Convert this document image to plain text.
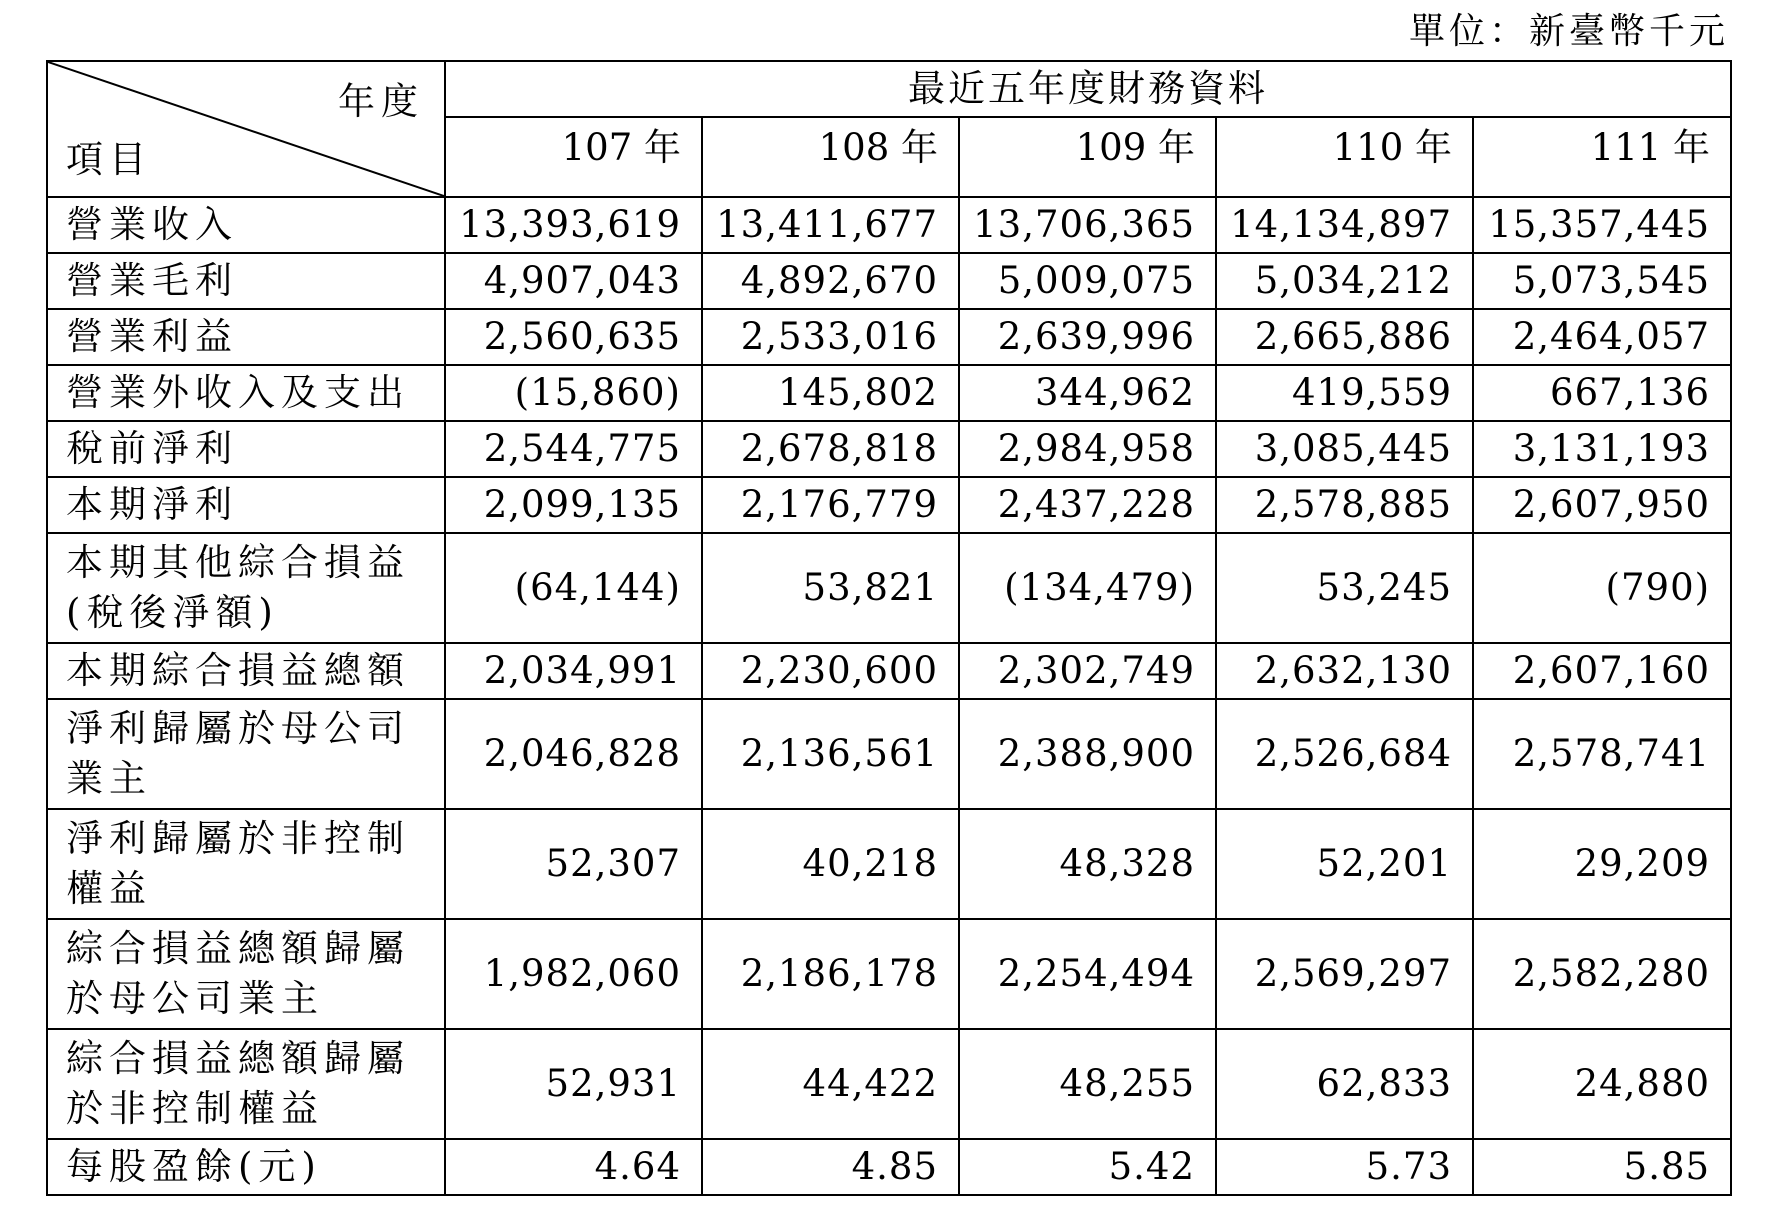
單位：新臺幣千元
年度
項目	最近五年度財務資料				
	107 年	108 年	109 年	110 年	111 年

營業收入	13,393,619	13,411,677	13,706,365	14,134,897	15,357,445

營業毛利	4,907,043	4,892,670	5,009,075	5,034,212	5,073,545

營業利益	2,560,635	2,533,016	2,639,996	2,665,886	2,464,057

營業外收入及支出	(15,860)	145,802	344,962	419,559	667,136

稅前淨利	2,544,775	2,678,818	2,984,958	3,085,445	3,131,193

本期淨利	2,099,135	2,176,779	2,437,228	2,578,885	2,607,950

本期其他綜合損益
(稅後淨額)	(64,144)	53,821	(134,479)	53,245	(790)

本期綜合損益總額	2,034,991	2,230,600	2,302,749	2,632,130	2,607,160

淨利歸屬於母公司
業主	2,046,828	2,136,561	2,388,900	2,526,684	2,578,741

淨利歸屬於非控制
權益	52,307	40,218	48,328	52,201	29,209

綜合損益總額歸屬
於母公司業主	1,982,060	2,186,178	2,254,494	2,569,297	2,582,280

綜合損益總額歸屬
於非控制權益	52,931	44,422	48,255	62,833	24,880

每股盈餘(元)	4.64	4.85	5.42	5.73	5.85
